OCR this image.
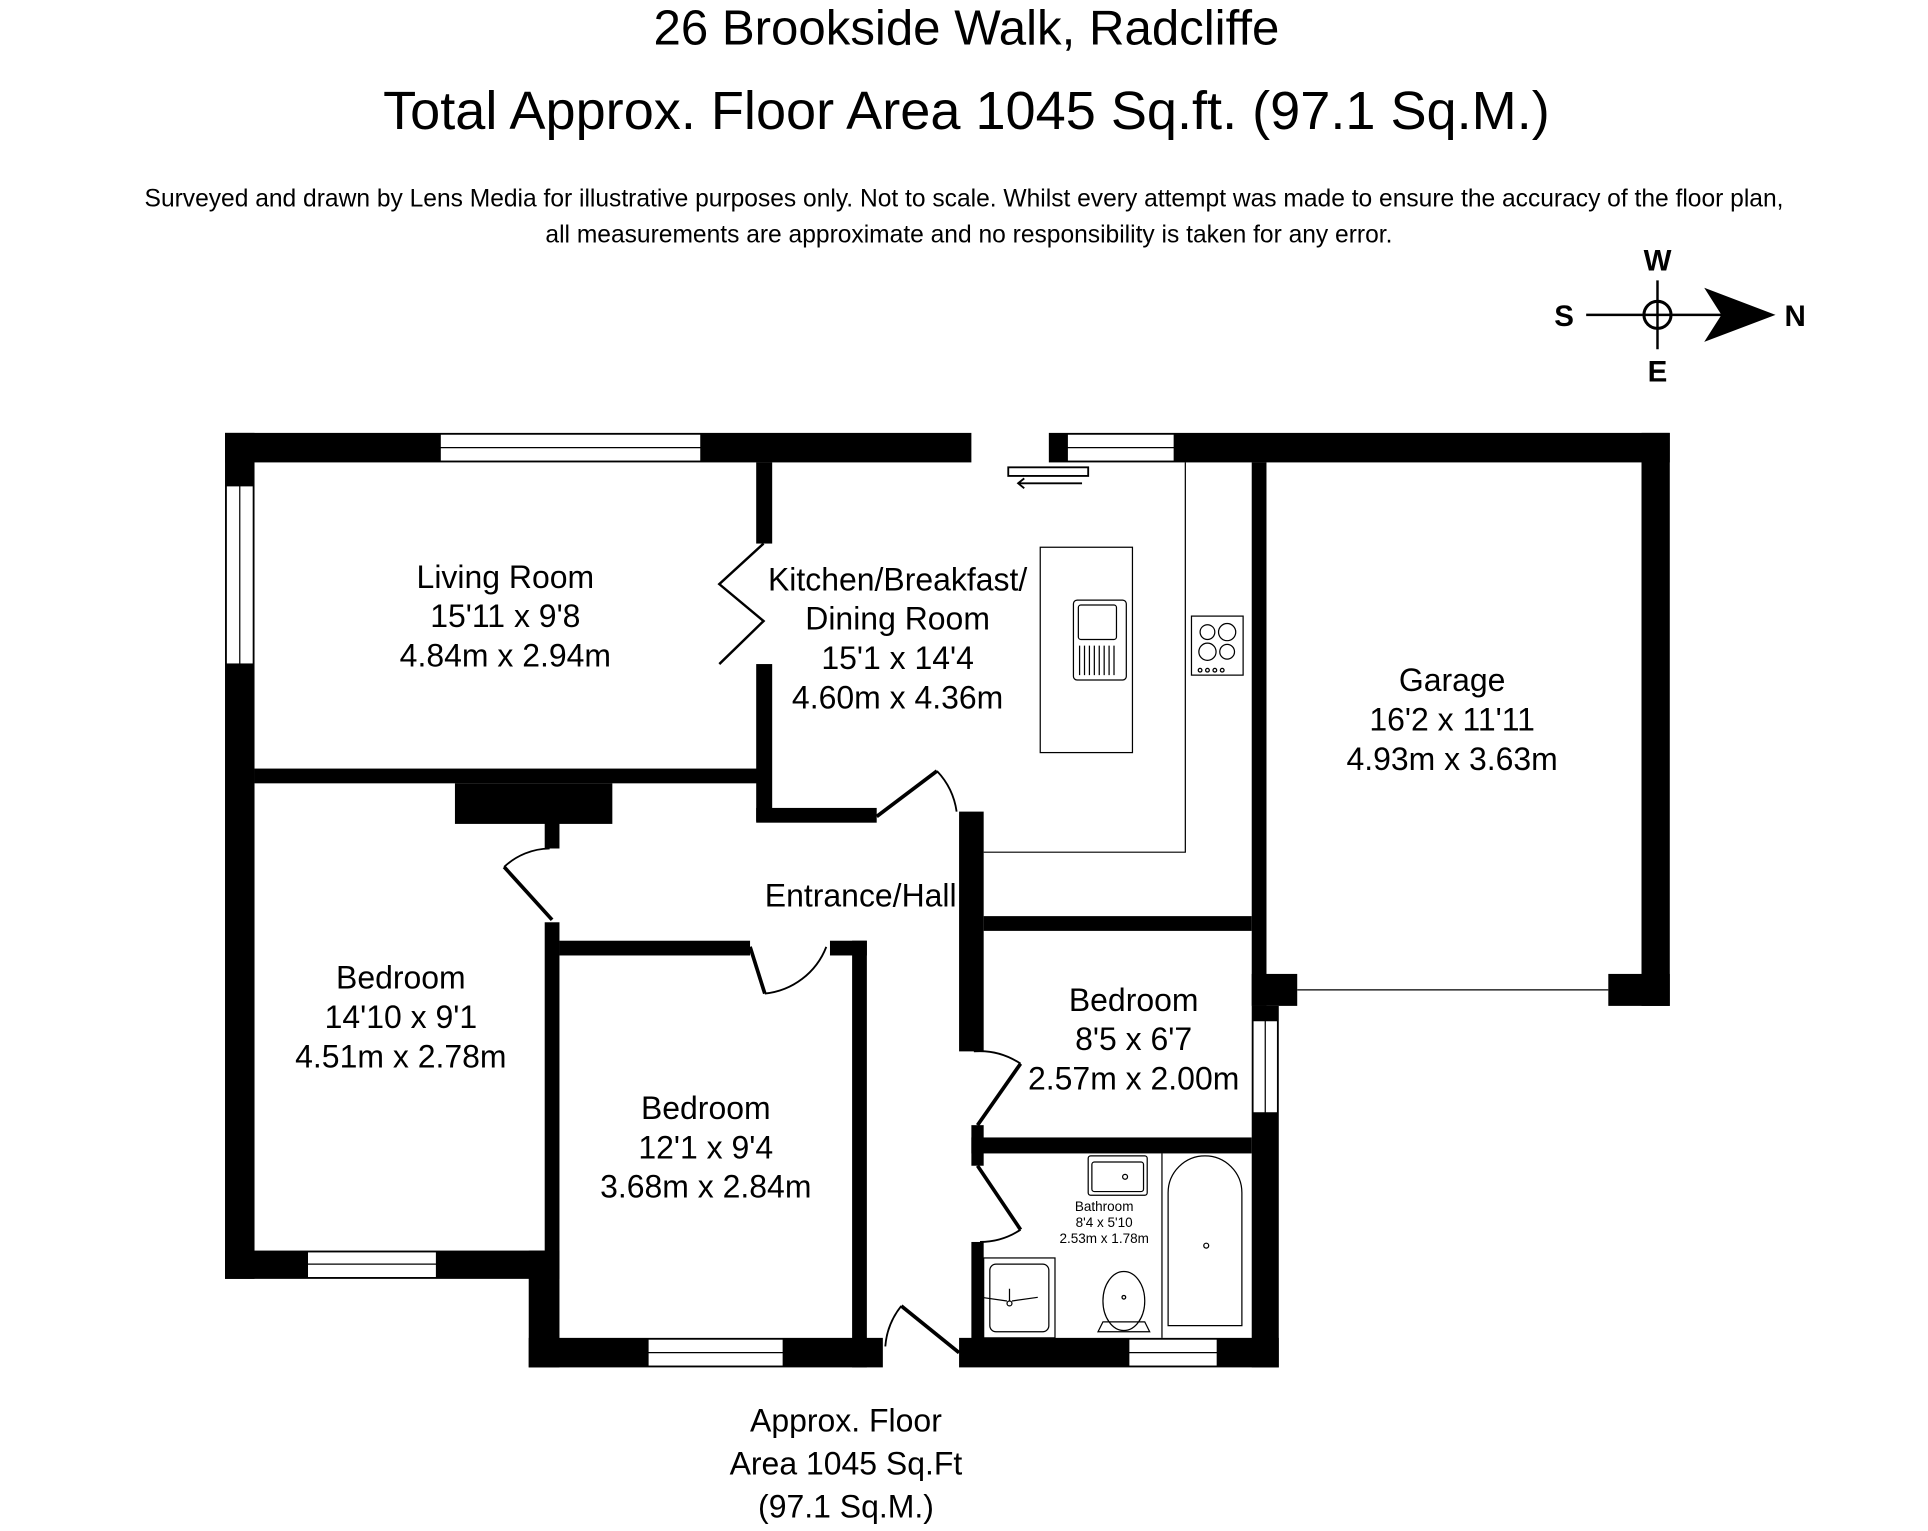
26 Brookside Walk, Radcliffe
Total Approx. Floor Area 1045 Sq.ft. (97.1 Sq.M.)
Surveyed and drawn by Lens Media for illustrative purposes only. Not to scale. Whilst every attempt was made to ensure the accuracy of the floor plan,
all measurements are approximate and no responsibility is taken for any error.
W
E
S	N
Living Room
15'11 x 9'8
4.84m x 2.94m
Kitchen/Breakfast/
Dining Room
15'1 x 14'4
4.60m x 4.36m	Garage
16'2 x 11'11
4.93m x 3.63m
Entrance/Hall
Bedroom
14'10 x 9'1
4.51m x 2.78m
Bedroom
12'1 x 9'4
3.68m x 2.84m
Bedroom
8'5 x 6'7
2.57m x 2.00m
Bathroom
8'4 x 5'10
2.53m x 1.78m
Approx. Floor
Area 1045 Sq.Ft
(97.1 Sq.M.)
